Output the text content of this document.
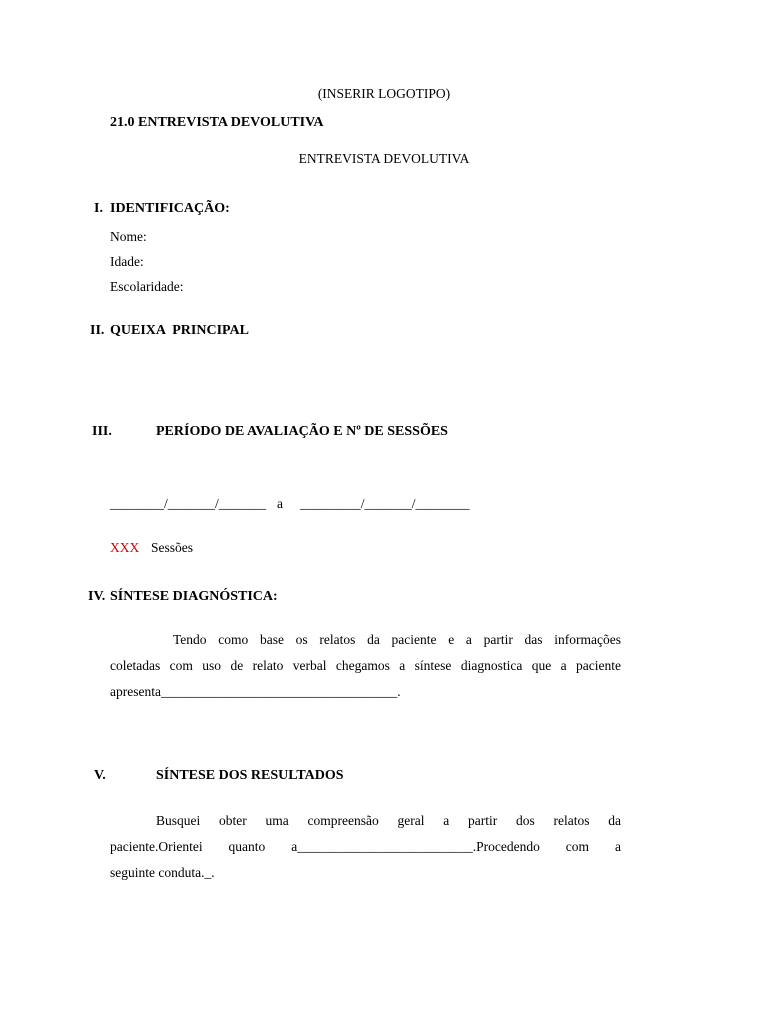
(INSERIR LOGOTIPO)
21.0 ENTREVISTA DEVOLUTIVA
ENTREVISTA DEVOLUTIVA
I. IDENTIFICAÇÃO:
Nome:
Idade:
Escolaridade:
II. QUEIXA  PRINCIPAL
III.	PERÍODO DE AVALIAÇÃO E Nº DE SESSÕES
________/_______/_______ a _________/_______/________
XXX Sessões
IV. SÍNTESE DIAGNÓSTICA:

Tendo como base os relatos da paciente e a partir das informações

coletadas com uso de relato verbal chegamos a síntese diagnostica que a paciente

apresenta___________________________________.

V.	SÍNTESE DOS RESULTADOS

Busquei obter uma compreensão geral a partir dos relatos da

paciente.Orientei quanto a__________________________.Procedendo com a

seguinte conduta._.
